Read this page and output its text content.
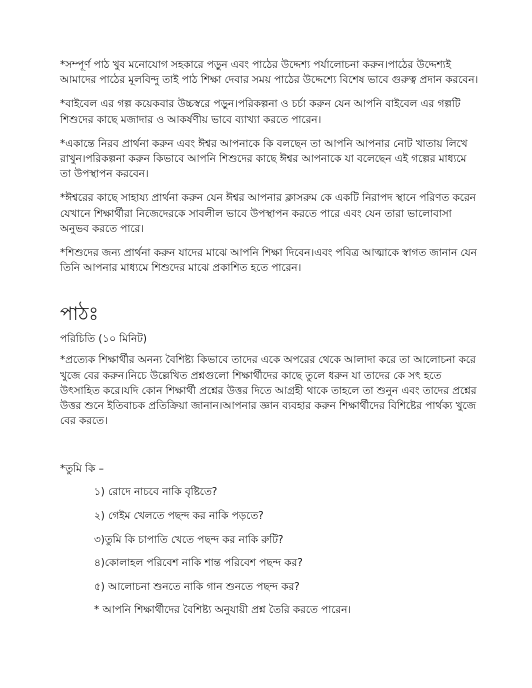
*সম্পূর্ণ পাঠ খুব মনোযোগ সহকারে পড়ুন এবং পাঠের উদ্দেশ্য পর্যালোচনা করুন।পাঠের উদ্দেশ্যই আমাদের পাঠের মূলবিন্দু তাই পাঠ শিক্ষা দেবার সময় পাঠের উদ্দেশ্যে বিশেষ ভাবে গুরুত্ব প্রদান করবেন।

*বাইবেল এর গল্প কয়েকবার উচ্চস্বরে পড়ুন।পরিকল্পনা ও চর্চা করুন যেন আপনি বাইবেল এর গল্পটি শিশুদের কাছে মজাদার ও আকর্ষণীয় ভাবে ব্যাখ্যা করতে পারেন।

*একান্তে নিরব প্রার্থনা করুন এবং ঈশ্বর আপনাকে কি বলছেন তা আপনি আপনার নোট খাতায় লিখে রাখুন।পরিকল্পনা করুন কিভাবে আপনি শিশুদের কাছে ঈশ্বর আপনাকে যা বলেছেন এই গল্পের মাধ্যমে তা উপস্থাপন করবেন।

*ঈশ্বরের কাছে সাহায্য প্রার্থনা করুন যেন ঈশ্বর আপনার ক্লাসরুম কে একটি নিরাপদ স্থানে পরিণত করেন যেখানে শিক্ষার্থীরা নিজেদেরকে সাবলীল ভাবে উপস্থাপন করতে পারে এবং যেন তারা ভালোবাসা অনুভব করতে পারে।

*শিশুদের জন্য প্রার্থনা করুন যাদের মাঝে আপনি শিক্ষা দিবেন।এবং পবিত্র আত্মাকে স্বাগত জানান যেন তিনি আপনার মাধ্যমে শিশুদের মাঝে প্রকাশিত হতে পারেন।

পাঠঃ

পরিচিতি (১০ মিনিট)

*প্রত্যেক শিক্ষার্থীর অনন্য বৈশিষ্ট্য কিভাবে তাদের একে অপরের থেকে আলাদা করে তা আলোচনা করে খুজে বের করুন।নিচে উল্লেখিত প্রশ্নগুলো শিক্ষার্থীদের কাছে তুলে ধরুন যা তাদের কে সৎ হতে উৎসাহিত করে।যদি কোন শিক্ষার্থী প্রশ্নের উত্তর দিতে আগ্রহী থাকে তাহলে তা শুনুন এবং তাদের প্রশ্নের উত্তর শুনে ইতিবাচক প্রতিক্রিয়া জানান।আপনার জ্ঞান ব্যবহার করুন শিক্ষার্থীদের বিশিষ্টের পার্থক্য খুজে বের করতে।

*তুমি কি –

১) রোদে নাচবে নাকি বৃষ্টিতে?
২) গেইম খেলতে পছন্দ কর নাকি পড়তে?
৩)তুমি কি চাপাতি খেতে পছন্দ কর নাকি রুটি?
৪)কোলাহল পরিবেশ নাকি শান্ত পরিবেশ পছন্দ কর?
৫) আলোচনা শুনতে নাকি গান শুনতে পছন্দ কর?
* আপনি শিক্ষার্থীদের বৈশিষ্ট্য অনুযায়ী প্রশ্ন তৈরি করতে পারেন।
